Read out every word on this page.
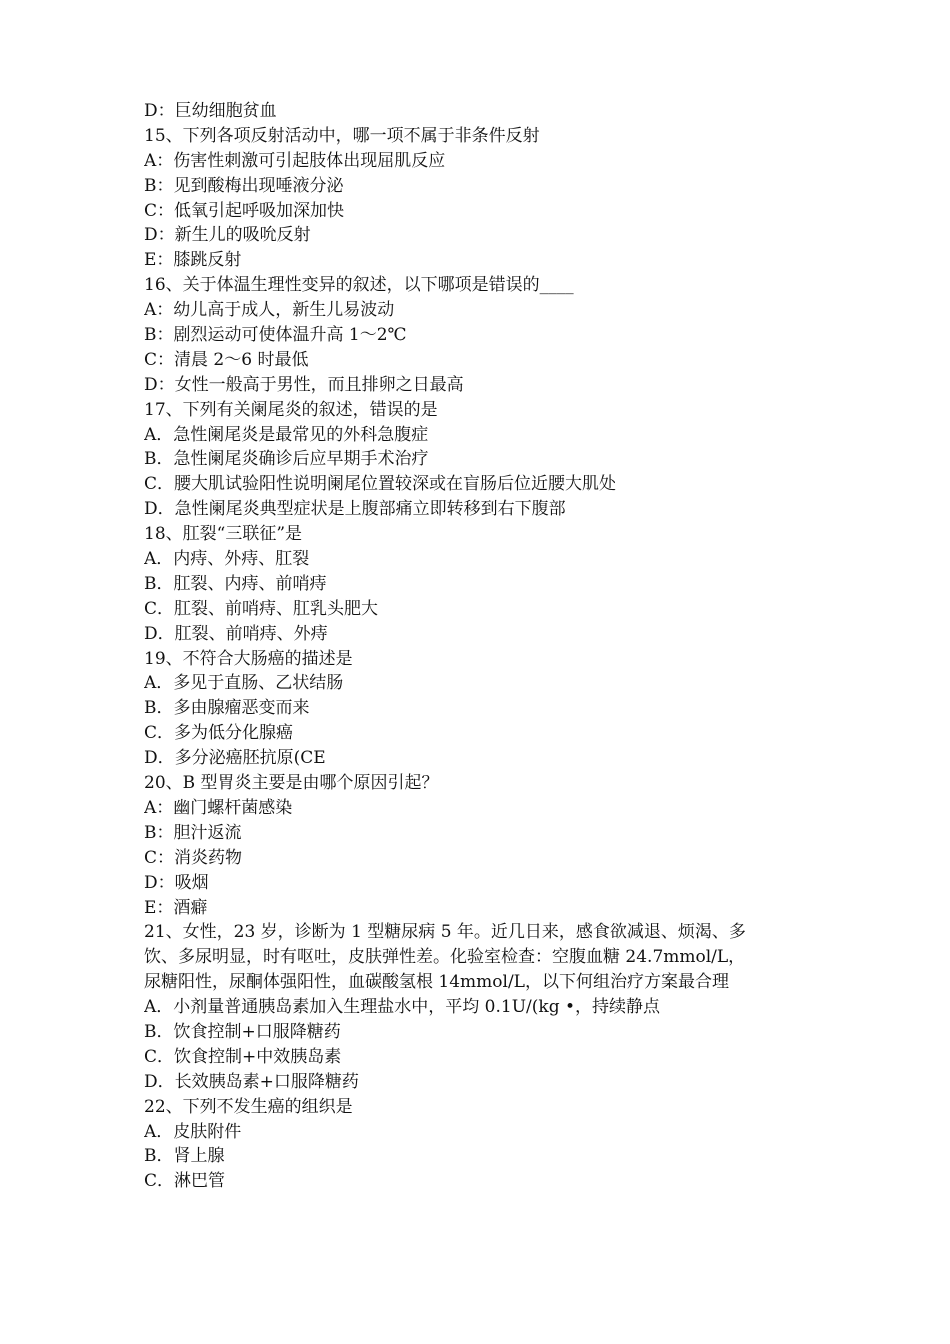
D：巨幼细胞贫血
15、下列各项反射活动中，哪一项不属于非条件反射
A：伤害性刺激可引起肢体出现屈肌反应
B：见到酸梅出现唾液分泌
C：低氧引起呼吸加深加快
D：新生儿的吸吮反射
E：膝跳反射
16、关于体温生理性变异的叙述，以下哪项是错误的____
A：幼儿高于成人，新生儿易波动
B：剧烈运动可使体温升高 1～2℃
C：清晨 2～6 时最低
D：女性一般高于男性，而且排卵之日最高
17、下列有关阑尾炎的叙述，错误的是
A．急性阑尾炎是最常见的外科急腹症
B．急性阑尾炎确诊后应早期手术治疗
C．腰大肌试验阳性说明阑尾位置较深或在盲肠后位近腰大肌处
D．急性阑尾炎典型症状是上腹部痛立即转移到右下腹部
18、肛裂“三联征”是
A．内痔、外痔、肛裂
B．肛裂、内痔、前哨痔
C．肛裂、前哨痔、肛乳头肥大
D．肛裂、前哨痔、外痔
19、不符合大肠癌的描述是
A．多见于直肠、乙状结肠
B．多由腺瘤恶变而来
C．多为低分化腺癌
D．多分泌癌胚抗原(CE
20、B 型胃炎主要是由哪个原因引起？
A：幽门螺杆菌感染
B：胆汁返流
C：消炎药物
D：吸烟
E：酒癖
21、女性，23 岁，诊断为 1 型糖尿病 5 年。近几日来，感食欲减退、烦渴、多
饮、多尿明显，时有呕吐，皮肤弹性差。化验室检查：空腹血糖 24.7mmol/L，
尿糖阳性，尿酮体强阳性，血碳酸氢根 14mmol/L，以下何组治疗方案最合理
A．小剂量普通胰岛素加入生理盐水中，平均 0.1U/(kg •，持续静点
B．饮食控制+口服降糖药
C．饮食控制+中效胰岛素
D．长效胰岛素+口服降糖药
22、下列不发生癌的组织是
A．皮肤附件
B．肾上腺
C．淋巴管
